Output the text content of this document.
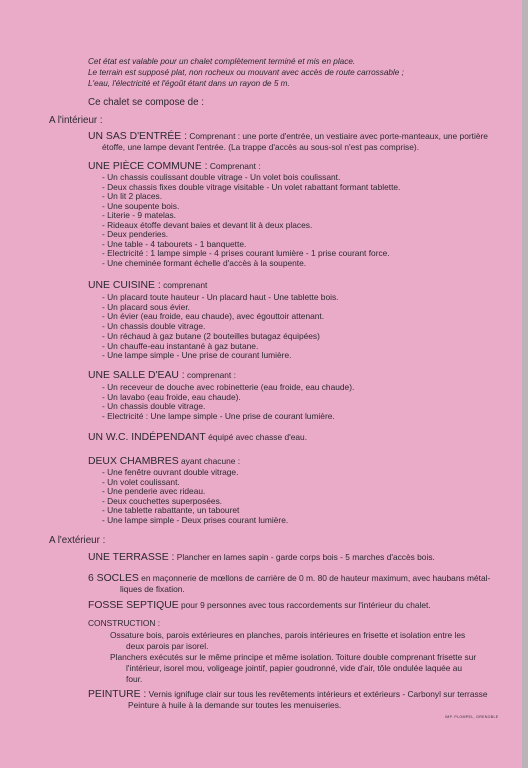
Cet état est valable pour un chalet complètement terminé et mis en place.
Le terrain est supposé plat, non rocheux ou mouvant avec accès de route carrossable ;
L'eau, l'électricité et l'égoût étant dans un rayon de 5 m.
Ce chalet se compose de :
A l'intérieur :
UN SAS D'ENTRÉE : Comprenant : une porte d'entrée, un vestiaire avec porte-manteaux, une portière
étoffe, une lampe devant l'entrée. (La trappe d'accès au sous-sol n'est pas comprise).
UNE PIÈCE COMMUNE : Comprenant :
- Un chassis coulissant double vitrage - Un volet bois coulissant.
- Deux chassis fixes double vitrage visitable - Un volet rabattant formant tablette.
- Un lit 2 places.
- Une soupente bois.
- Literie - 9 matelas.
- Rideaux étoffe devant baies et devant lit à deux places.
- Deux penderies.
- Une table - 4 tabourets - 1 banquette.
- Electricité : 1 lampe simple - 4 prises courant lumière - 1 prise courant force.
- Une cheminée formant échelle d'accès à la soupente.
UNE CUISINE : comprenant
- Un placard toute hauteur - Un placard haut - Une tablette bois.
- Un placard sous évier.
- Un évier (eau froide, eau chaude), avec égouttoir attenant.
- Un chassis double vitrage.
- Un réchaud à gaz butane (2 bouteilles butagaz équipées)
- Un chauffe-eau instantané à gaz butane.
- Une lampe simple - Une prise de courant lumière.
UNE SALLE D'EAU : comprenant :
- Un receveur de douche avec robinetterie (eau froide, eau chaude).
- Un lavabo (eau froide, eau chaude).
- Un chassis double vitrage.
- Electricité : Une lampe simple - Une prise de courant lumière.
UN W.C. INDÉPENDANT équipé avec chasse d'eau.
DEUX CHAMBRES ayant chacune :
- Une fenêtre ouvrant double vitrage.
- Un volet coulissant.
- Une penderie avec rideau.
- Deux couchettes superposées.
- Une tablette rabattante, un tabouret
- Une lampe simple - Deux prises courant lumière.
A l'extérieur :
UNE TERRASSE : Plancher en lames sapin - garde corps bois - 5 marches d'accès bois.
6 SOCLES en maçonnerie de mœllons de carrière de 0 m. 80 de hauteur maximum, avec haubans métal-
liques de fixation.
FOSSE SEPTIQUE pour 9 personnes avec tous raccordements sur l'intérieur du chalet.
CONSTRUCTION :
Ossature bois, parois extérieures en planches, parois intérieures en frisette et isolation entre les
deux parois par isorel.
Planchers exécutés sur le même principe et même isolation. Toiture double comprenant frisette sur
l'intérieur, isorel mou, voligeage jointif, papier goudronné, vide d'air, tôle ondulée laquée au
four.
PEINTURE : Vernis ignifuge clair sur tous les revêtements intérieurs et extérieurs - Carbonyl sur terrasse
Peinture à huile à la demande sur toutes les menuiseries.
IMP. PLOMPEL, GRENOBLE
